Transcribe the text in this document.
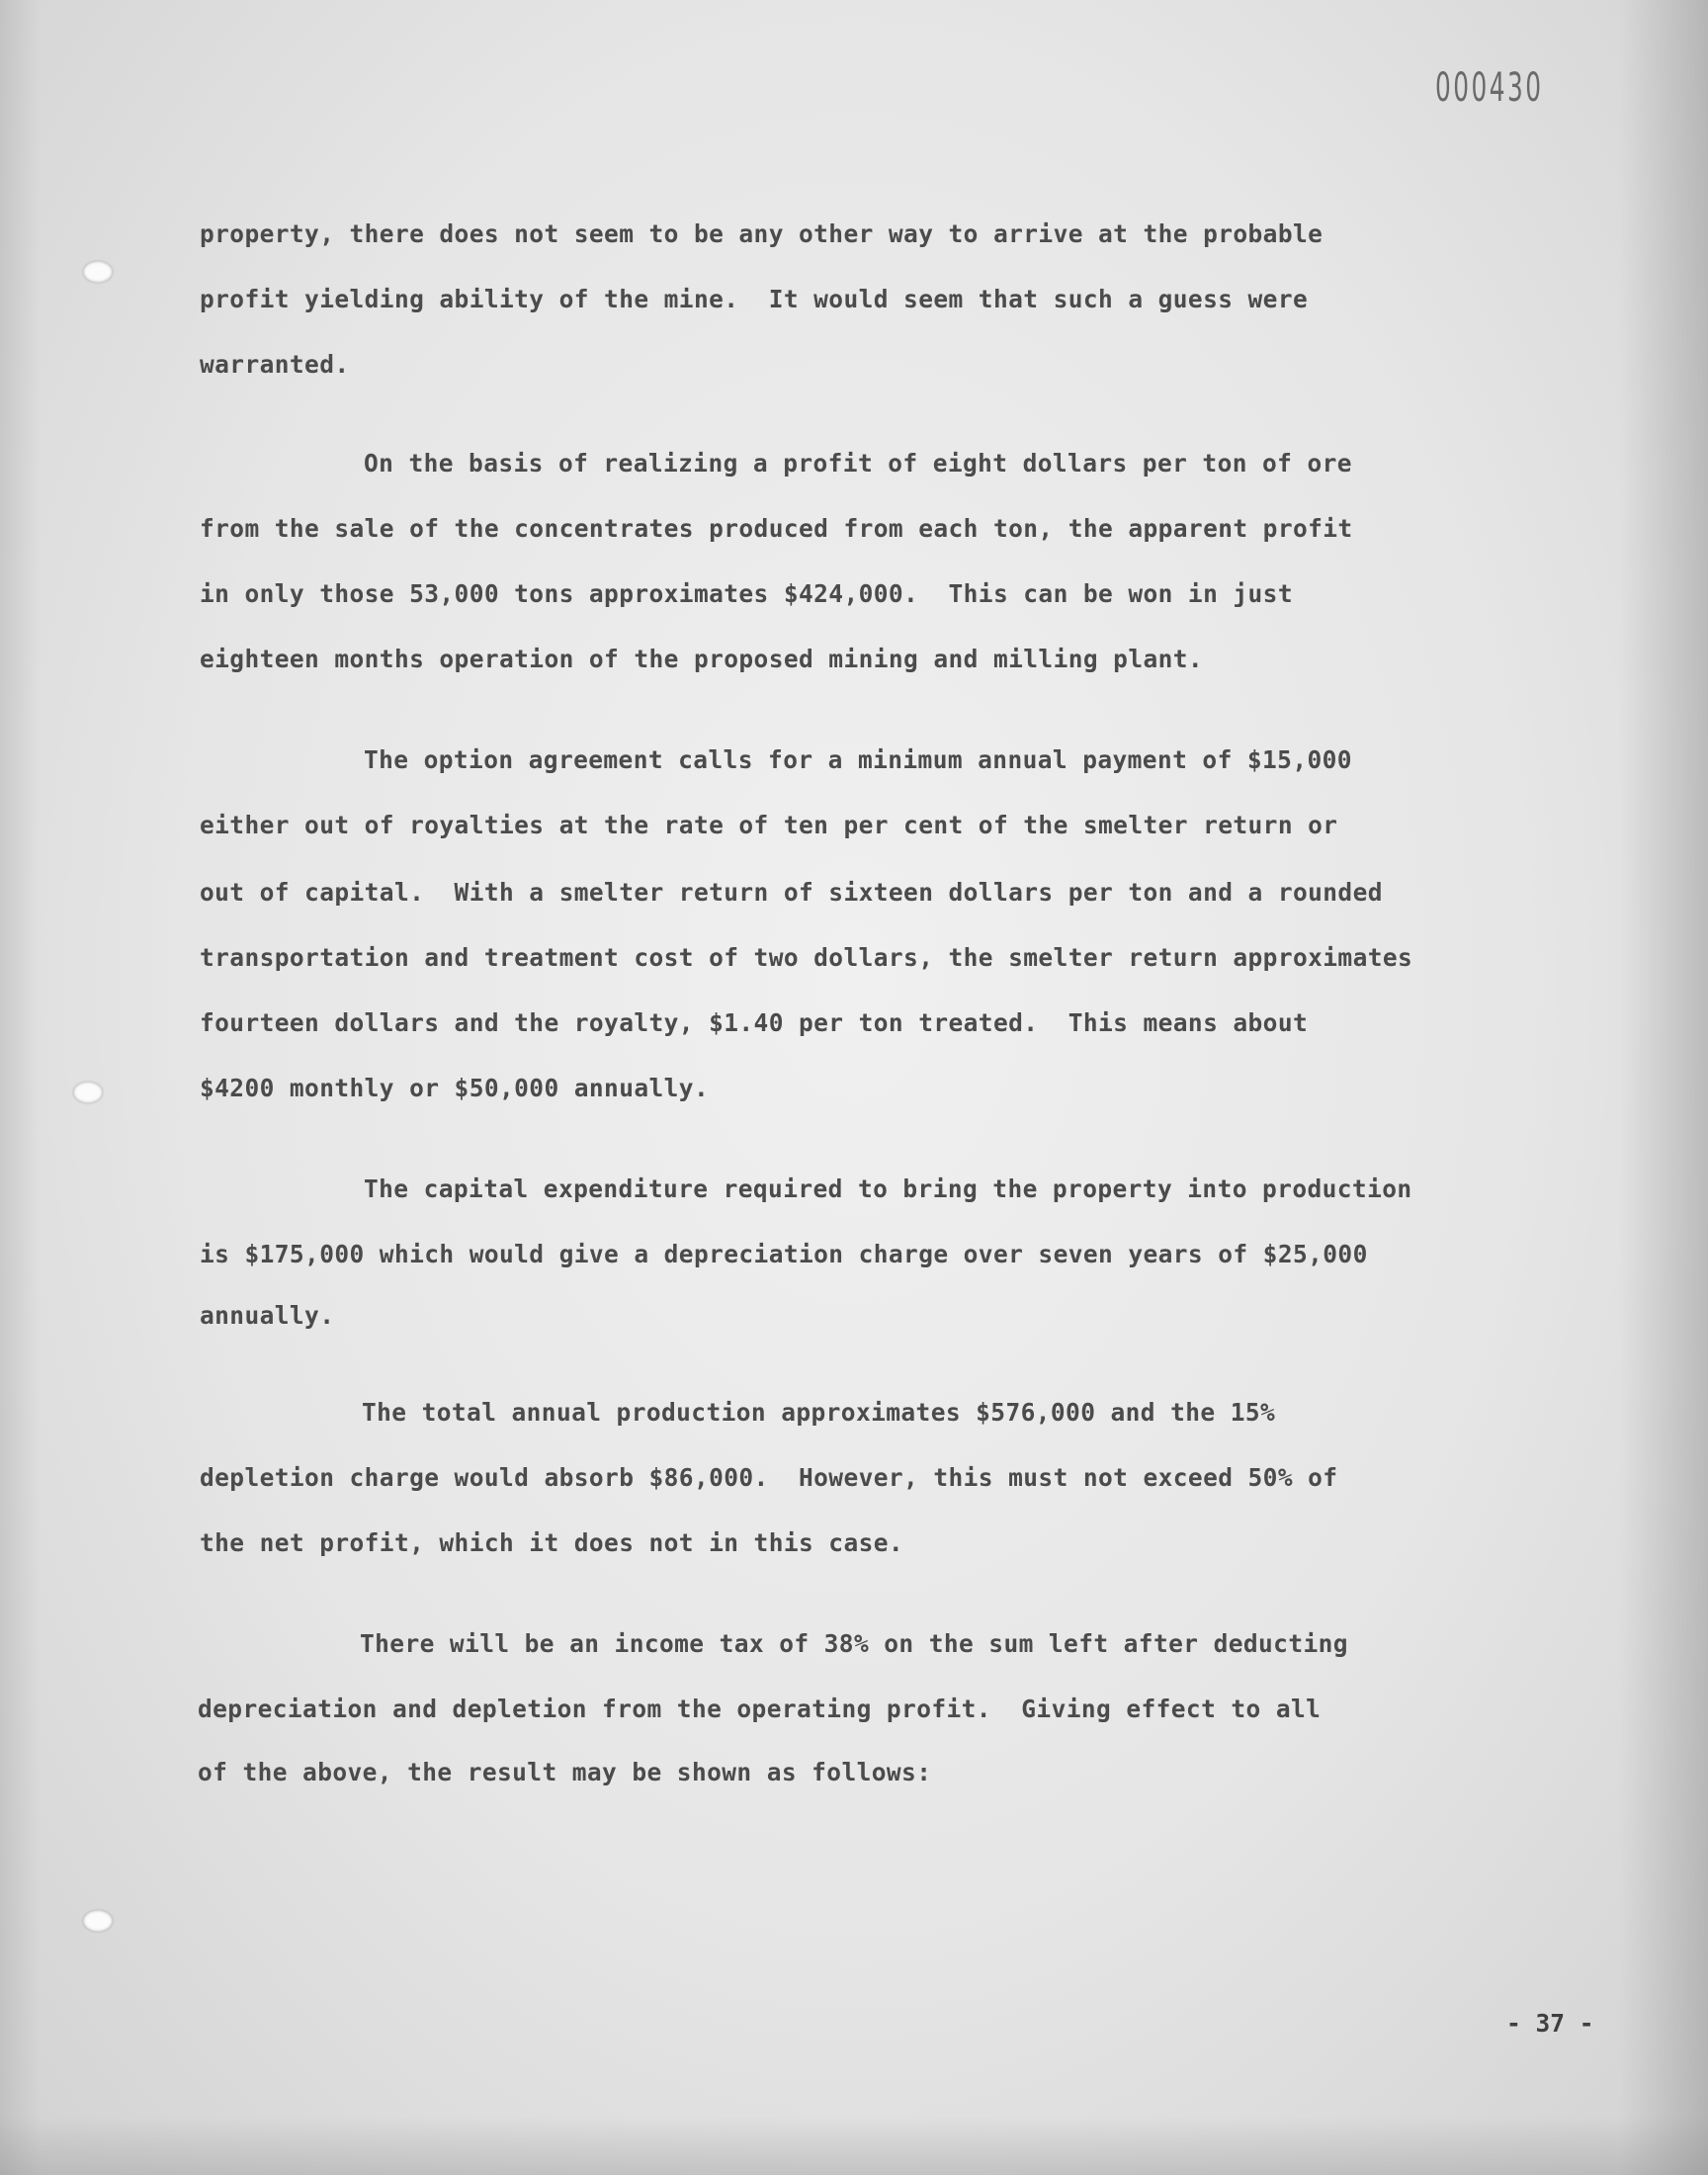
000430
property, there does not seem to be any other way to arrive at the probable
profit yielding ability of the mine.  It would seem that such a guess were
warranted.
On the basis of realizing a profit of eight dollars per ton of ore
from the sale of the concentrates produced from each ton, the apparent profit
in only those 53,000 tons approximates $424,000.  This can be won in just
eighteen months operation of the proposed mining and milling plant.
The option agreement calls for a minimum annual payment of $15,000
either out of royalties at the rate of ten per cent of the smelter return or
out of capital.  With a smelter return of sixteen dollars per ton and a rounded
transportation and treatment cost of two dollars, the smelter return approximates
fourteen dollars and the royalty, $1.40 per ton treated.  This means about
$4200 monthly or $50,000 annually.
The capital expenditure required to bring the property into production
is $175,000 which would give a depreciation charge over seven years of $25,000
annually.
The total annual production approximates $576,000 and the 15%
depletion charge would absorb $86,000.  However, this must not exceed 50% of
the net profit, which it does not in this case.
There will be an income tax of 38% on the sum left after deducting
depreciation and depletion from the operating profit.  Giving effect to all
of the above, the result may be shown as follows:
- 37 -
